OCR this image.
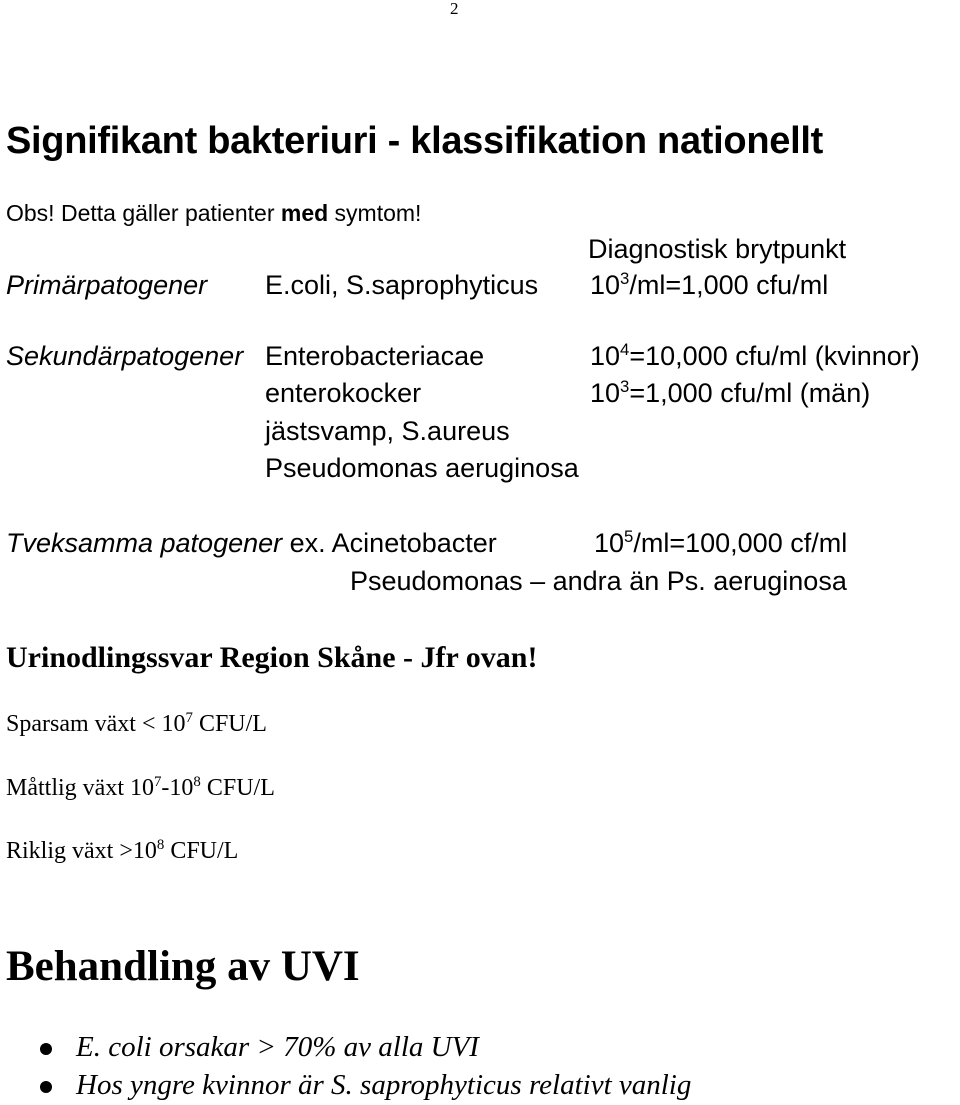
2
Signifikant bakteriuri - klassifikation nationellt
Obs! Detta gäller patienter med symtom!
Diagnostisk brytpunkt
Primärpatogener E.coli, S.saprophyticus $10^3/ml=1,000$ cfu/ml
Sekundärpatogener Enterobacteriacae
enterokocker
jästsvamp, S.aureus
Pseudomonas aeruginosa
$10^4=10,000$ cfu/ml (kvinnor)
$10^3=1,000$ cfu/ml (män)
Tveksamma patogener ex. Acinetobacter	$10^5/ml=100,000$ cf/ml
Pseudomonas – andra än Ps. aeruginosa
Urinodlingssvar Region Skåne - Jfr ovan!
Sparsam växt < $10^7$ CFU/L
Måttlig växt $10^7-10^8$ CFU/L
Riklig växt $>10^8$ CFU/L
Behandling av UVI
E. coli orsakar > 70% av alla UVI
Hos yngre kvinnor är S. saprophyticus relativt vanlig
